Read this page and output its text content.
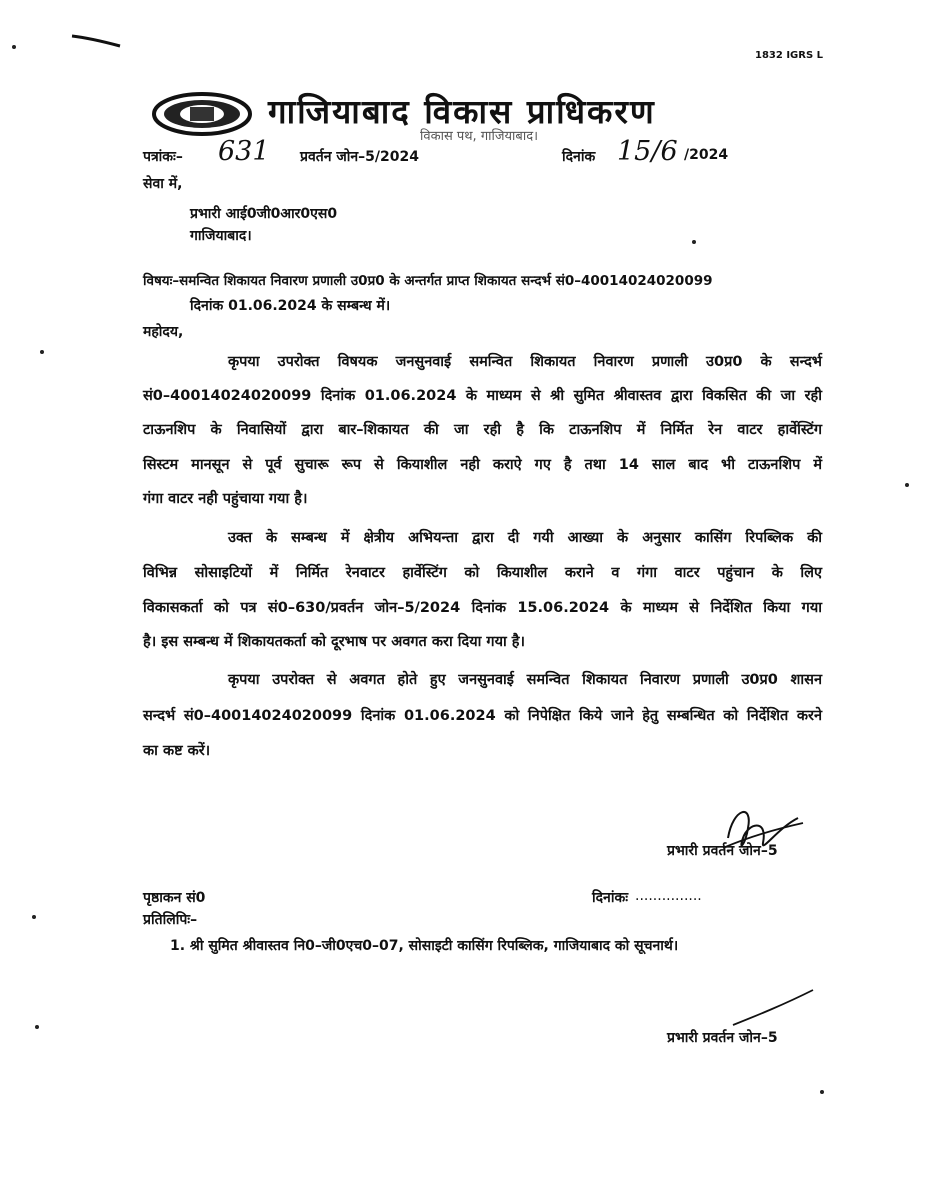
1832 IGRS L
गाजियाबाद विकास प्राधिकरण
विकास पथ, गाजियाबाद।
पत्रांकः– 631 प्रवर्तन जोन–5/2024	दिनांक 15/6 /2024
सेवा में,
प्रभारी आई0जी0आर0एस0
गाजियाबाद।
विषयः–समन्वित शिकायत निवारण प्रणाली उ0प्र0 के अन्तर्गत प्राप्त शिकायत सन्दर्भ सं0–40014024020099
दिनांक 01.06.2024 के सम्बन्ध में।
महोदय,
कृपया उपरोक्त विषयक जनसुनवाई समन्वित शिकायत निवारण प्रणाली उ0प्र0 के सन्दर्भ
सं0–40014024020099 दिनांक 01.06.2024 के माध्यम से श्री सुमित श्रीवास्तव द्वारा विकसित की जा रही
टाऊनशिप के निवासियों द्वारा बार–शिकायत की जा रही है कि टाऊनशिप में निर्मित रेन वाटर हार्वेस्टिंग
सिस्टम मानसून से पूर्व सुचारू रूप से कियाशील नही कराऐ गए है तथा 14 साल बाद भी टाऊनशिप में
गंगा वाटर नही पहुंचाया गया है।
उक्त के सम्बन्ध में क्षेत्रीय अभियन्ता द्वारा दी गयी आख्या के अनुसार कासिंग रिपब्लिक की
विभिन्न सोसाइटियों में निर्मित रेनवाटर हार्वेस्टिंग को कियाशील कराने व गंगा वाटर पहुंचान के लिए
विकासकर्ता को पत्र सं0–630/प्रवर्तन जोन–5/2024 दिनांक 15.06.2024 के माध्यम से निर्देशित किया गया
है। इस सम्बन्ध में शिकायतकर्ता को दूरभाष पर अवगत करा दिया गया है।
कृपया उपरोक्त से अवगत होते हुए जनसुनवाई समन्वित शिकायत निवारण प्रणाली उ0प्र0 शासन
सन्दर्भ सं0–40014024020099 दिनांक 01.06.2024 को निपेक्षित किये जाने हेतु सम्बन्धित को निर्देशित करने
का कष्ट करें।
प्रभारी प्रवर्तन जोन–5
पृष्ठाकन सं0	दिनांकः ...............
प्रतिलिपिः–
1. श्री सुमित श्रीवास्तव नि0–जी0एच0–07, सोसाइटी कासिंग रिपब्लिक, गाजियाबाद को सूचनार्थ।
प्रभारी प्रवर्तन जोन–5
